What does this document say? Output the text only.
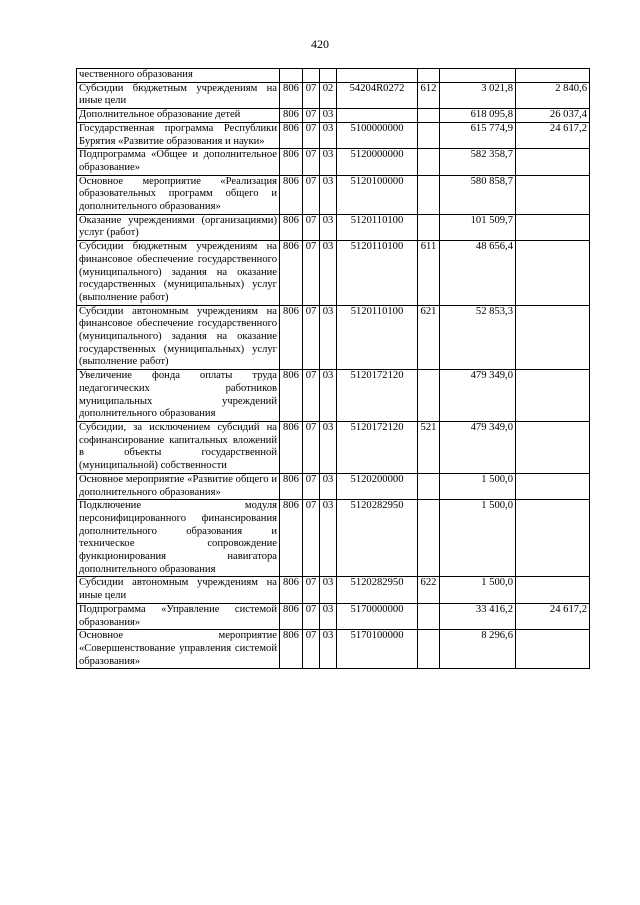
420
чественного образования							
Субсидии бюджетным учреждениям на иные цели	806	07	02	54204R0272	612	3 021,8	2 840,6
Дополнительное образование детей	806	07	03			618 095,8	26 037,4
Государственная программа Республики Бурятия «Развитие образования и науки»	806	07	03	5100000000		615 774,9	24 617,2
Подпрограмма «Общее и дополнительное образование»	806	07	03	5120000000		582 358,7	
Основное мероприятие «Реализация образовательных программ общего и дополнительного образования»	806	07	03	5120100000		580 858,7	
Оказание учреждениями (организациями) услуг (работ)	806	07	03	5120110100		101 509,7	
Субсидии бюджетным учреждениям на финансовое обеспечение государственного (муниципального) задания на оказание государственных (муниципальных) услуг (выполнение работ)	806	07	03	5120110100	611	48 656,4	
Субсидии автономным учреждениям на финансовое обеспечение государственного (муниципального) задания на оказание государственных (муниципальных) услуг (выполнение работ)	806	07	03	5120110100	621	52 853,3	
Увеличение фонда оплаты труда педагогических работников муниципальных учреждений дополнительного образования	806	07	03	5120172120		479 349,0	
Субсидии, за исключением субсидий на софинансирование капитальных вложений в объекты государственной (муниципальной) собственности	806	07	03	5120172120	521	479 349,0	
Основное мероприятие «Развитие общего и дополнительного образования»	806	07	03	5120200000		1 500,0	
Подключение модуля персонифицированного финансирования дополнительного образования и техническое сопровождение функционирования навигатора дополнительного образования	806	07	03	5120282950		1 500,0	
Субсидии автономным учреждениям на иные цели	806	07	03	5120282950	622	1 500,0	
Подпрограмма «Управление системой образования»	806	07	03	5170000000		33 416,2	24 617,2
Основное мероприятие «Совершенствование управления системой образования»	806	07	03	5170100000		8 296,6	
